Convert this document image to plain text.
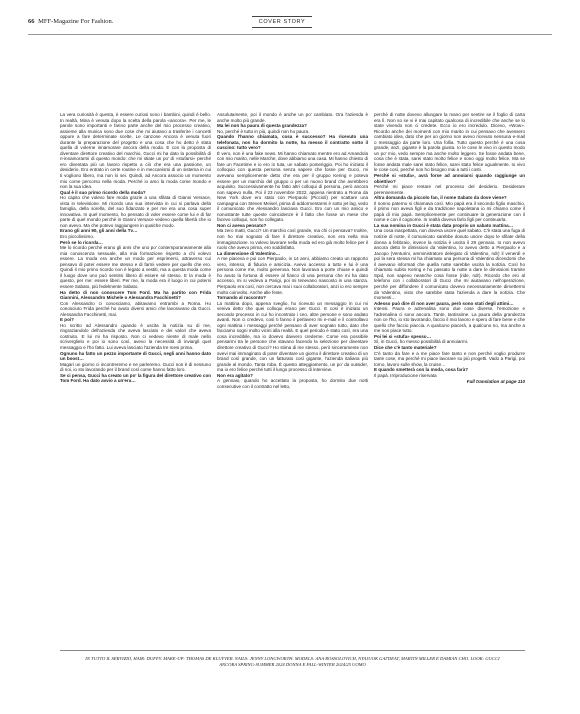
66 MFF-Magazine For Fashion.	COVER STORY

La vera curiosità è questa, è essere curiosi sono i bambini, quindi è bello. In realtà, Mina è venuta dopo la scelta della parola «ancora». Per me, le parole sono importanti e fanno parte anche del mio processo creativo, assieme alla musica sono due cose che mi aiutano a trasferire i concetti oppure a fare determinate scelte. Le canzone Ancora è venuta fuori durante la preparazione del progetto e una cosa che ho detto è stata quella di volerne innamorare ancora della moda. E con la proposta di diventare direttore creativo del marchio, Gucci mi ha dato la possibilità di ri-innamorarmi di questo mondo: che mi stiate un po' di «stufarsi» perché ero diventata più un lavoro rispetto a ciò che era una passione, un desiderio. Ero entrato in certe routine e in meccanismi di un sistema in cui ti vogliono libero, ma non lo sei. Quindi, ad Ancora associo un momento mio come percorso nella moda. Perché io amo la moda come mondo e non la sua idea.

Qual è il suo primo ricordo della moda?

Ho capito che volevo fare moda grazie a una sfilata di Gianni Versace, vista in televisione. Mi ricordo una sua intervista in cui si parlava della famiglia, della sorella, del suo fidanzato e per me era una cosa super innovativa. In quel momento, ho pensato di voler essere come lui e di far parte di quel mondo perché in Gianni Versace vedevo quella libertà che io non avevo. Ma che potevo raggiungere in qualche modo.

Erano gli anni 90, gli anni della Tv…

Ero piccolissimo.

Però se lo ricorda…

Me lo ricordo perché erano gli anni che uno po' contemporaneamente alla mia conoscenza sessuale, alla mia formazione rispetto a chi volevo essere. La moda era anche un modo per esprimersi, attraverso cui pensavo di poter essere me stesso e di farmi vedere per quello che ero. Quindi il mio primo ricordo non è legato a vestiti, ma a questa moda come il luogo dove uno può sentirsi libero di essere sé stesso. E la moda è questo, per me: essere liberi. Per me, la moda era il luogo in cui potersi essere Sabato, più fedelmente Sabato.

Ha detto di non conoscere Tom Ford. Ma ha partito con Frida Giannini, Alessandro Michele o Alessandra Facchinetti?

Con Alessandro ci conosciamo, abitavamo entrambi a Roma. Ho conosciuto Frida perché ho avuto diversi amici che lavoravano da Gucci. Alessandra Facchinetti, mai.

E poi?

Ho scritto ad Alessandro quando è uscita la notizia su di me, ringraziandolo dell'azienda che aveva lasciato e dei valori che aveva costruito. E lui mi ha risposto. Non ci vedevo niente di male nello scriverglielo e poi io sono così, avevo la necessità di inviargli quel messaggio e l'ho fatto. Lui aveva lasciato l'azienda tre mesi prima.

Ognuno ha fatto un pezzo importante di Gucci, negli anni hanno dato un boost…

Magari un giorno ci incontreremo e ne parleremo. Gucci non è di nessuno di noi, io sto lavorando per il brand così come hanno fatto loro.

Se ci pensa, Gucci ha creato un po' la figura del direttore creativo con Tom Ford. Ha dato avvio a un'era…

Assolutamente, poi il mondo è anche un po' cambiato. Ora l'azienda è anche molto più grande.

Ma lei non ha paura di questa grandezza?

No, perché è tutto in più, quindi non ho paura.

Quando l'hanno chiamata, cosa è successo? Ha ricevuto una telefonata, non ha dormito la notte, ha messo il contratto sotto il cuscino: tutto vero?

È vero, non è una fake news. Mi hanno chiamato mentre ero ad Amandola con mio marito, nelle Marche, dove abbiamo una casa. Mi hanno chiesto di fare un Facetime e io ero in tuta, un sabato pomeriggio. Poi ho iniziato il colloquio con questa persona senza sapere che fosse per Gucci, mi avevano semplicemente detto che era per il gruppo Kering e poteva essere per un marchio del gruppo o per un nuovo brand che avrebbero acquisito. Successivamente ho fatto altri colloqui di persona, però ancora non sapevo nulla. Poi il 23 novembre 2022, appena rientrato a Roma da New York dove ero stato con Pierpaolo (Piccioli) per scattare una campagna con Steven Meisel, prima di addormentarmi è sotto jet lag, vedo il comunicato che Alessandro lasciava Gucci. Ero con un mio amico e nonostante tutte queste coincidenze è il fatto che fosse un mese che facevo colloqui, non ho collegato.

Non ci aveva pensato?

Ma zero matti, Gucci? Un marchio così grande, ma chi ci pensava? Inoltre, non ho mai sognato di fare il direttore creativo, non era nella mia immaginazione. Io volevo lavorare nella moda ed ero già molto felice per il ruolo che avevo prima, ero soddisfatto.

La dimensione di Valentino…

A me piaceva e poi con Pierpaolo, in 14 anni, abbiamo creato un rapporto vero, intenso, di fiducia e amicizia. Avevo accesso a tutto e lui è una persona come me, molto generosa. Non lavorava a porte chiuse e quindi ho avuto la fortuna di essere al fianco di una persona che mi ha dato accesso, mi si vedeva a Parigi, poi mi tenevano nascosto in una stanza. Pierpaolo era così, non cercava mai i suoi collaboratori, anzi io ero sempre molto coinvolto. Anche alle feste.

Tornando al racconto?

La mattina dopo, appena sveglio, ho ricevuto un messaggio in cui mi veniva detto che quei colloqui erano per Gucci. E così è iniziato un secondo processo in cui ho incontrato i ceo, altre persone e sono andato avanti. Non ci credevo, così ti fanno il perlavero mi e-mail e il controllavo ogni mattina i messaggi perché pensavo di aver sognato tutto, dato che facciamo sogni molto vicini alla realtà. E quel periodo è stato così, era una cosa incredibile, ma io dovevo davvero crederne. Come era possibile pensarmi tra le persone che stavano facendo la selezione per diventare direttore creativo di Gucci? Ho stima di me stesso, però sinceramente non avevi mai immaginato di poter diventare un giorno il direttore creativo di un brand così grande, con un fatturato così gigante, l'azienda italiana più grande al mondo. Tanta roba. È questo atteggiamento, un po' da outsider, ma io ero felice perché tutti il lungo processo di interview.

Non era agitato?

A gennaio, quando ho accettato la proposta, ho dormito due notti consecutive con il contratto nel letto,

perché di notte dovevo allungare la mano per sentire se il foglio di carta era lì. Non so se vi è mai capitato qualcosa di incredibile che anche se lo state vivendo non ci credete. Ecco io ero incredulo. Dicevo, «Wow». Ricordo anche dei momenti con mio marito in cui pensavo che avessero cambiato idea, dato che per un giorno non avevo ricevuto nessuna e-mail o messaggio da parte loro. Una follia. Tutto questo perché è una cosa grande, anzi, gigante è la parola giusta. Io le cose le vivo in questo modo un po' mio, vedo sempre ma anche molto leggero. Se fosse andata bene, cosa che è stata, sarei stato molto felice e sono oggi molto felice. Ma se fosse andata male sarei stato felice, sarei stato felice ugualmente. Io vivo le cose così, perché non ho bisogno mai a tutti i costi.

Perché si «stufa», avrà forse ad annoiarsi quando raggiunge un obiettivo?

Perché mi piace restare nel processo del desiderio. Desiderare perennemente.

Altra domanda da piccolo fan, il nome Sabato da dove viene?

Il nonno paterno si chiamava così. Mio papà era il secondo figlio maschio, il primo non aveva figli e da tradizione napoletana io mi chiamo come il papà di mio papà. Semplicemente per continuare la generazione con il nome e con il cognome. In realtà doveva farlo figli per continuarla.

La sua nomina in Gucci è stata data proprio un sabato mattina…

Una cosa inaspettata, non doveva uscire quel sabato. C'è stata una fuga di notizie di notte, il comunicato sarebbe dovuto uscire dopo le sfilate della donna a febbraio, invece la notizia è uscita il 29 gennaio. Io non avevo ancora detto le dimissioni da Valentino, lo avevo detto a Pierpaolo e a Jacopo (Venturini, amministratore delegato di Valentino, ndr) il venerdì e poi la sera stessa mi ha chiamato una persona di Valentino dicendomi che il avevano informati che quella notte sarebbe uscita la notizia. Così ho chiamato subito Kering e ho passato la notte a dare le dimissioni tramite Spid, non sapevo neanche cosa fosse (ride, ndr). Ricordo che ero al telefono con i collaboratori di Gucci che mi aiutavano nell'operazione, perché per diffondere il comunicato dovevo necessariamente dimettermi da Valentino, visto che sarebbe stata l'azienda a dare la notizia. Che momenti…

Adesso può dire di non aver paura, però sono stati degli attimi…

Intensi. Paura e adrenalina sono due cose diverse, l'emozione e l'adrenalina ci sono ancora. Tante, tantissime. La paura della grandezza non ce l'ho, io sto lavorando, faccio il mio lavoro e spero di fare bene e che quello che faccio piaccia. A qualcuno piacerà, a qualcuno no, ma anche a me non piace tutto.

Poi lei si «stufa» spesso…

Sì, in Gucci, ho messo possibilità di annoiarmi.

Dice che c'è tanto materiale?

C'è tanto da fare e a me piace fare tanto e non perché voglio produrre tante cose, ma perché mi piace lavorare su più progetti. Vado a Parigi, poi torno, lavoro sulle show, la cruise…

E quando smetterà con la moda, cosa farà?

Il papà. Irriproducione riservata

Full translation at page 110

IN TUTTO IL SERVIZIO, HAIR: DUFFY. MAKE-UP: THOMAS DE KLUYVER. NAILS: JENNY LONGWORTH. MODELS: ANA ROSSOLOVICH, NYAJUOK GAI'DEAT, MARTIN MILLER E DAMIAN CHO. LOOK: GUCCI ANCORA SPRING-SUMMER 2024 DONNA E FALL-WINTER 2024/25 UOMO
